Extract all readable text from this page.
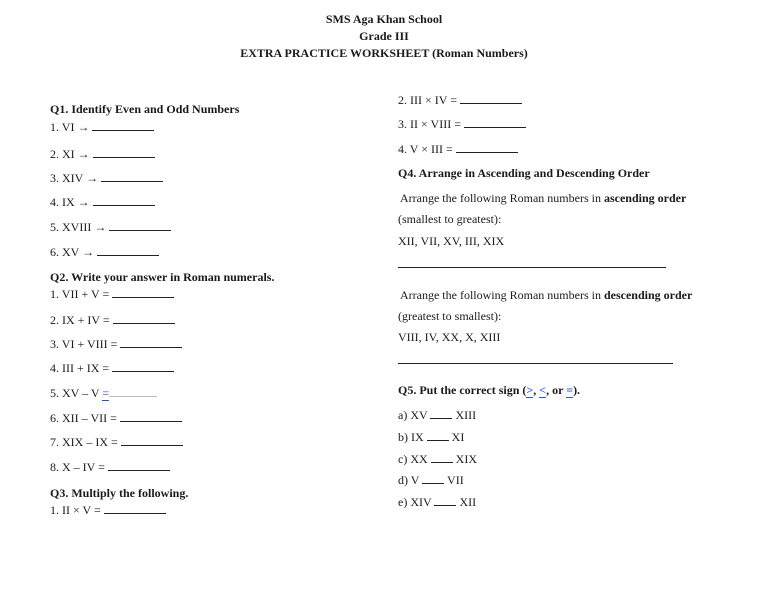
SMS Aga Khan School
Grade III
EXTRA PRACTICE WORKSHEET (Roman Numbers)
Q1. Identify Even and Odd Numbers
1. VI →
2. XI →
3. XIV →
4. IX →
5. XVIII →
6. XV →
Q2. Write your answer in Roman numerals.
1. VII + V =
2. IX + IV =
3. VI + VIII =
4. III + IX =
5. XV – V =
6. XII – VII =
7. XIX – IX =
8. X – IV =
Q3. Multiply the following.
1. II × V =
2. III × IV =
3. II × VIII =
4. V × III =
Q4. Arrange in Ascending and Descending Order
Arrange the following Roman numbers in ascending order
(smallest to greatest):
XII, VII, XV, III, XIX
Arrange the following Roman numbers in descending order
(greatest to smallest):
VIII, IV, XX, X, XIII
Q5. Put the correct sign (>, <, or =).
a) XV XIII
b) IX XI
c) XX XIX
d) V VII
e) XIV XII
